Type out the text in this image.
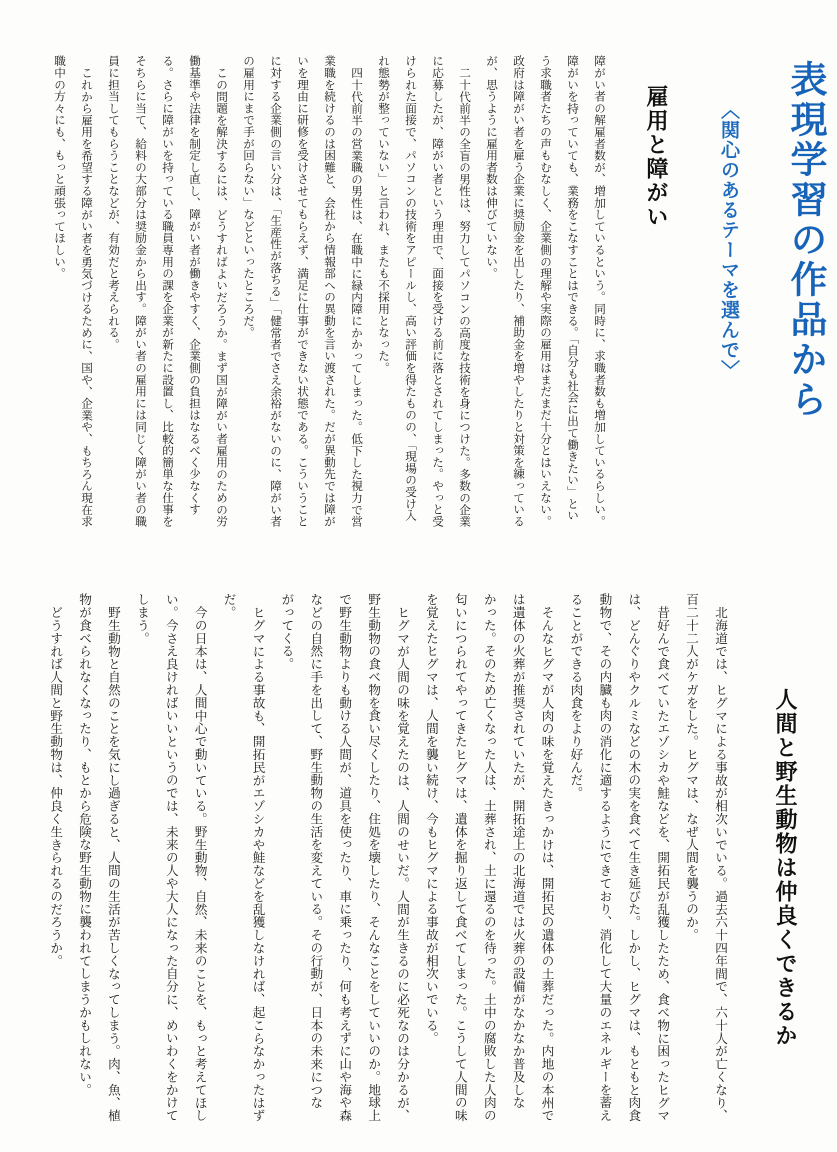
表現学習の作品から
〈関心のあるテーマを選んで〉
雇用と障がい

障がい者の解雇者数が、増加しているという。同時に、求職者数も増加しているらしい。障がいを持っていても、業務をこなすことはできる。「自分も社会に出て働きたい」という求職者たちの声もむなしく、企業側の理解や実際の雇用はまだまだ十分とはいえない。政府は障がい者を雇う企業に奨励金を出したり、補助金を増やしたりと対策を練っているが、思うように雇用者数は伸びていない。

二十代前半の全盲の男性は、努力してパソコンの高度な技術を身につけた。多数の企業に応募したが、障がい者という理由で、面接を受ける前に落とされてしまった。やっと受けられた面接で、パソコンの技術をアピールし、高い評価を得たものの、「現場の受け入れ態勢が整っていない」と言われ、またも不採用となった。

四十代前半の営業職の男性は、在職中に緑内障にかかってしまった。低下した視力で営業職を続けるのは困難と、会社から情報部への異動を言い渡された。だが異動先では障がいを理由に研修を受けさせてもらえず、満足に仕事ができない状態である。こういうことに対する企業側の言い分は、「生産性が落ちる」「健常者でさえ余裕がないのに、障がい者の雇用にまで手が回らない」などといったところだ。

この問題を解決するには、どうすればよいだろうか。まず国が障がい者雇用のための労働基準や法律を制定し直し、障がい者が働きやすく、企業側の負担はなるべく少なくする。さらに障がいを持っている職員専用の課を企業が新たに設置し、比較的簡単な仕事をそちらに当て、給料の大部分は奨励金から出す。障がい者の雇用には同じく障がい者の職員に担当してもらうことなどが、有効だと考えられる。

これから雇用を希望する障がい者を勇気づけるために、国や、企業や、もちろん現在求職中の方々にも、もっと頑張ってほしい。

人間と野生動物は仲良くできるか

北海道では、ヒグマによる事故が相次いでいる。過去六十四年間で、六十人が亡くなり、百二十二人がケガをした。ヒグマは、なぜ人間を襲うのか。

昔好んで食べていたエゾシカや鮭などを、開拓民が乱獲したため、食べ物に困ったヒグマは、どんぐりやクルミなどの木の実を食べて生き延びた。しかし、ヒグマは、もともと肉食動物で、その内臓も肉の消化に適するようにできており、消化して大量のエネルギーを蓄えることができる肉食をより好んだ。

そんなヒグマが人肉の味を覚えたきっかけは、開拓民の遺体の土葬だった。内地の本州では遺体の火葬が推奨されていたが、開拓途上の北海道では火葬の設備がなかなか普及しなかった。そのため亡くなった人は、土葬され、土に還るのを待った。土中の腐敗した人肉の匂いにつられてやってきたヒグマは、遺体を掘り返して食べてしまった。こうして人間の味を覚えたヒグマは、人間を襲い続け、今もヒグマによる事故が相次いでいる。

ヒグマが人間の味を覚えたのは、人間のせいだ。人間が生きるのに必死なのは分かるが、野生動物の食べ物を食い尽くしたり、住処を壊したり、そんなことをしていいのか。地球上で野生動物よりも動ける人間が、道具を使ったり、車に乗ったり、何も考えずに山や海や森などの自然に手を出して、野生動物の生活を変えている。その行動が、日本の未来につながってくる。

ヒグマによる事故も、開拓民がエゾシカや鮭などを乱獲しなければ、起こらなかったはずだ。

今の日本は、人間中心で動いている。野生動物、自然、未来のことを、もっと考えてほしい。今さえ良ければいいというのでは、未来の人や大人になった自分に、めいわくをかけてしまう。

野生動物と自然のことを気にし過ぎると、人間の生活が苦しくなってしまう。肉、魚、植物が食べられなくなったり、もとから危険な野生動物に襲われてしまうかもしれない。

どうすれば人間と野生動物は、仲良く生きられるのだろうか。
